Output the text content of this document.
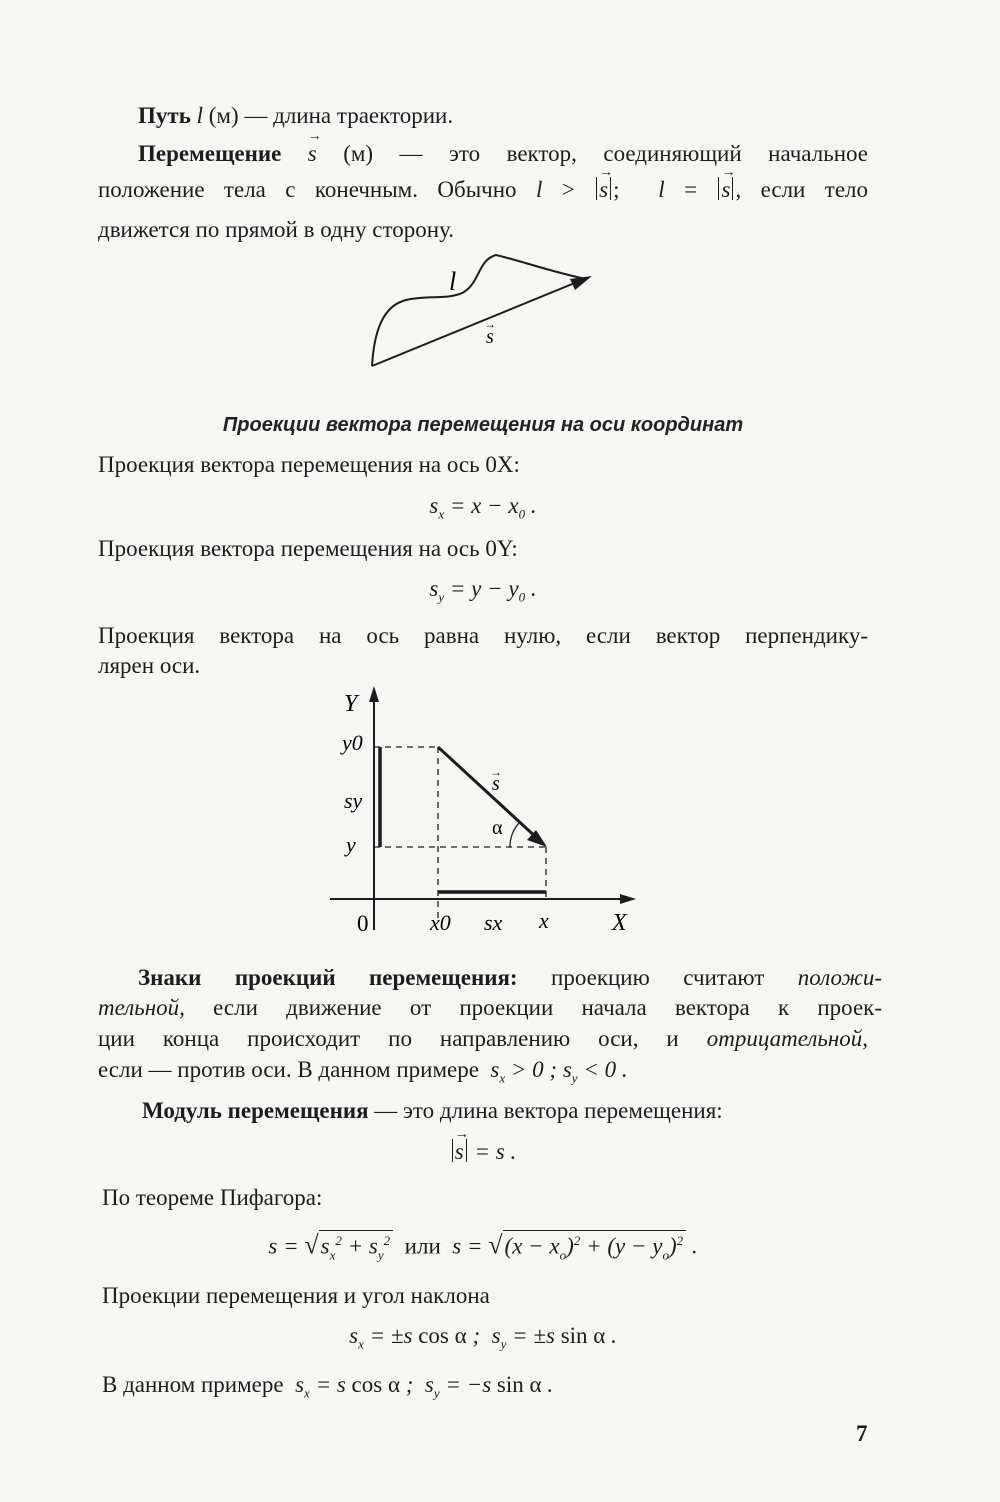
Путь l (м) — длина траектории.
Перемещение → s (м) — это вектор, соединяющий начальное
положение тела с конечным. Обычно l > → s ;  l = → s , если тело
движется по прямой в одну сторону.
l
s
→
Проекции вектора перемещения на оси координат
Проекция вектора перемещения на ось 0X:
$s_x = x - x_0$ .
Проекция вектора перемещения на ось 0Y:
$s_y = y - y_0$ .
Проекция вектора на ось равна нулю, если вектор перпендику-
лярен оси.
Y
X
0
y0
sy
y
x0 sx x
s
→
α
Знаки проекций перемещения: проекцию считают положи-
тельной, если движение от проекции начала вектора к проек-
ции конца происходит по направлению оси, и отрицательной,
если — против оси. В данном примере $s_x > 0$ ; $s_y < 0$ .
Модуль перемещения — это длина вектора перемещения:
→ s = s .
По теореме Пифагора:
$s = √s_x^2 + s_y^2$ или  $s = √(x - x_o)^2 + (y - y_o)^2$ .
Проекции перемещения и угол наклона
$s_x = \pm s$ cos α ;  $s_y = \pm s$ sin α .
В данном примере $s_x = s$ cos α ;  $s_y = -s$ sin α .
7
